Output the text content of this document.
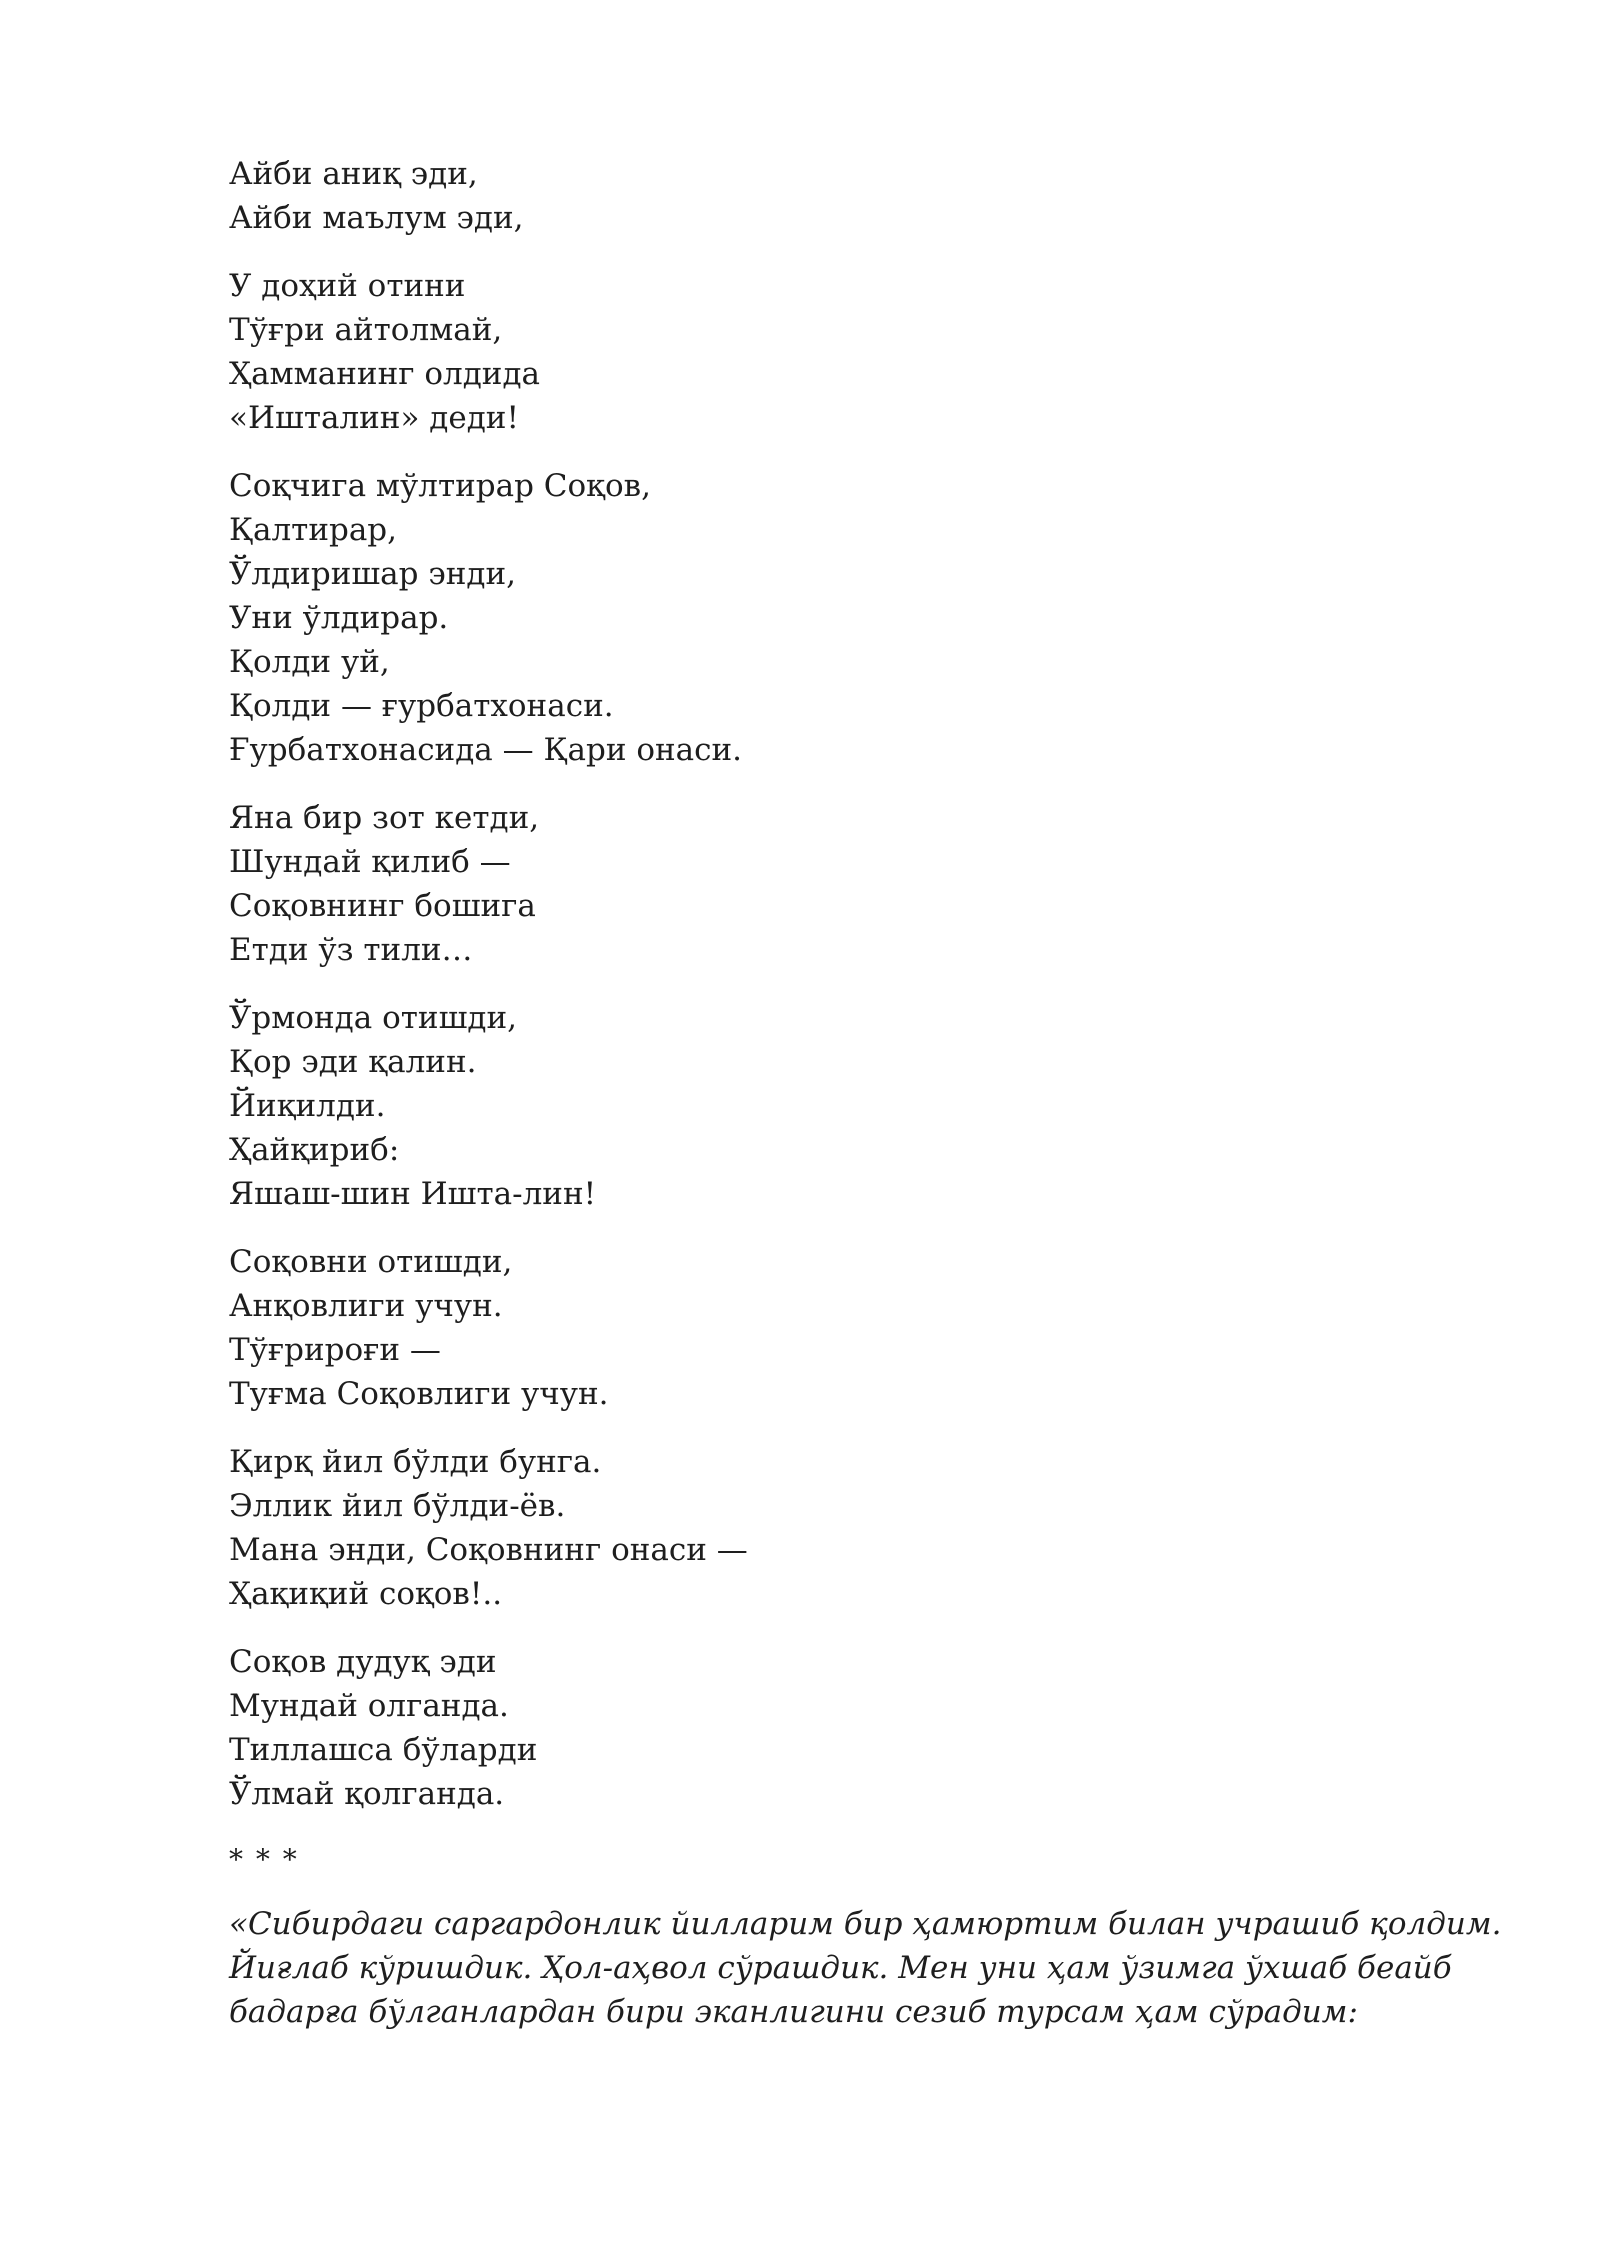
Айби аниқ эди,
Айби маълум эди,
У доҳий отини
Тўғри айтолмай,
Ҳамманинг олдида
«Ишталин» деди!
Соқчига мўлтирар Соқов,
Қалтирар,
Ўлдиришар энди,
Уни ўлдирар.
Қолди уй,
Қолди — ғурбатхонаси.
Ғурбатхонасида — Қари онаси.
Яна бир зот кетди,
Шундай қилиб —
Соқовнинг бошига
Етди ўз тили…
Ўрмонда отишди,
Қор эди қалин.
Йиқилди.
Ҳайқириб:
Яшаш-шин Ишта-лин!
Соқовни отишди,
Анқовлиги учун.
Тўғрироғи —
Туғма Соқовлиги учун.
Қирқ йил бўлди бунга.
Эллик йил бўлди-ёв.
Мана энди, Соқовнинг онаси —
Ҳақиқий соқов!..
Соқов дудуқ эди
Мундай олганда.
Тиллашса бўларди
Ўлмай қолганда.
* * *
«Сибирдаги саргардонлик йилларим бир ҳамюртим билан учрашиб қолдим.
Йиғлаб кўришдик. Ҳол-аҳвол сўрашдик. Мен уни ҳам ўзимга ўхшаб беайб
бадарға бўлганлардан бири эканлигини сезиб турсам ҳам сўрадим:
